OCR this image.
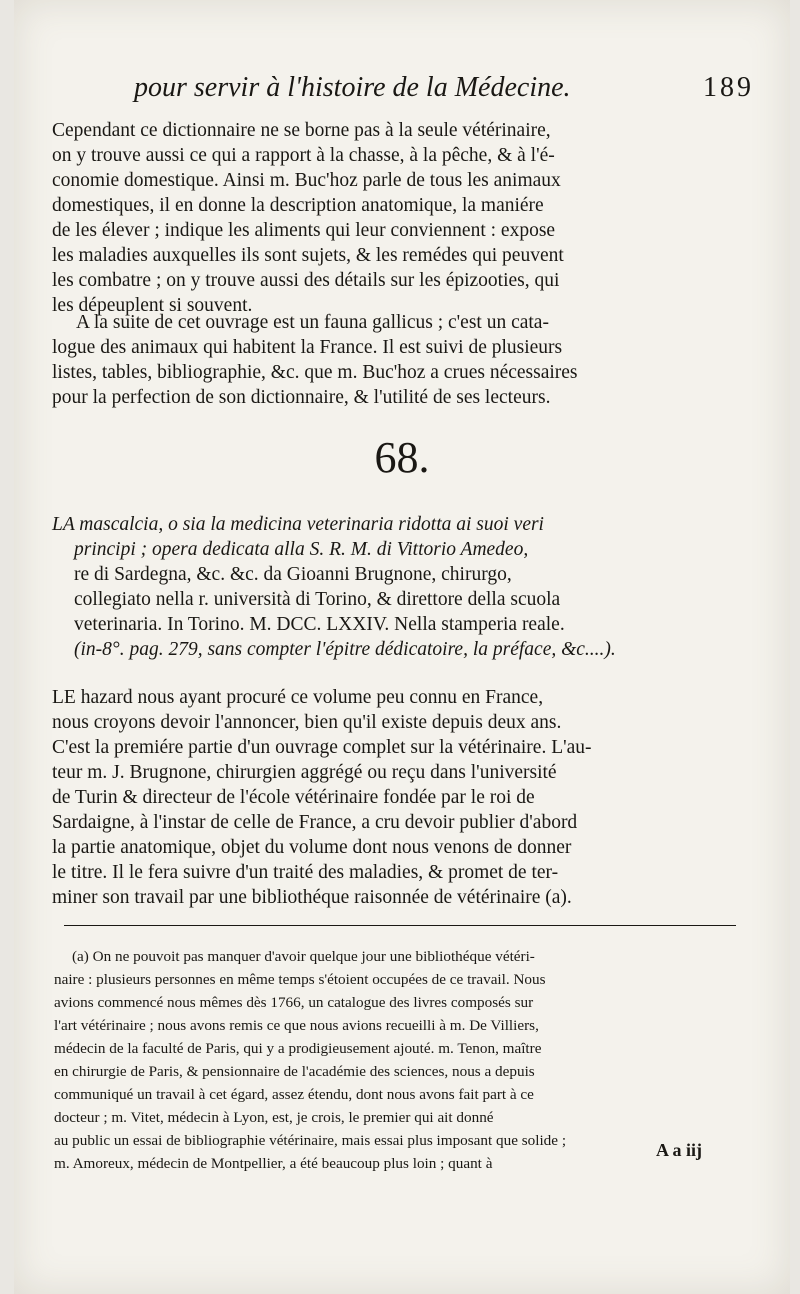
pour servir à l'histoire de la Médecine.	189
Cependant ce dictionnaire ne se borne pas à la seule vétérinaire,
on y trouve aussi ce qui a rapport à la chasse, à la pêche, & à l'é-
conomie domestique. Ainsi m. Buc'hoz parle de tous les animaux
domestiques, il en donne la description anatomique, la maniére
de les élever ; indique les aliments qui leur conviennent : expose
les maladies auxquelles ils sont sujets, & les remédes qui peuvent
les combatre ; on y trouve aussi des détails sur les épizooties, qui
les dépeuplent si souvent.
A la suite de cet ouvrage est un fauna gallicus ; c'est un cata-
logue des animaux qui habitent la France. Il est suivi de plusieurs
listes, tables, bibliographie, &c. que m. Buc'hoz a crues nécessaires
pour la perfection de son dictionnaire, & l'utilité de ses lecteurs.
68.
LA mascalcia, o sia la medicina veterinaria ridotta ai suoi veri
principi ; opera dedicata alla S. R. M. di Vittorio Amedeo,
re di Sardegna, &c. &c. da Gioanni Brugnone, chirurgo,
collegiato nella r. università di Torino, & direttore della scuola
veterinaria. In Torino. M. DCC. LXXIV. Nella stamperia reale.
(in-8°. pag. 279, sans compter l'épitre dédicatoire, la préface, &c....).
LE hazard nous ayant procuré ce volume peu connu en France,
nous croyons devoir l'annoncer, bien qu'il existe depuis deux ans.
C'est la premiére partie d'un ouvrage complet sur la vétérinaire. L'au-
teur m. J. Brugnone, chirurgien aggrégé ou reçu dans l'université
de Turin & directeur de l'école vétérinaire fondée par le roi de
Sardaigne, à l'instar de celle de France, a cru devoir publier d'abord
la partie anatomique, objet du volume dont nous venons de donner
le titre. Il le fera suivre d'un traité des maladies, & promet de ter-
miner son travail par une bibliothéque raisonnée de vétérinaire (a).
(a) On ne pouvoit pas manquer d'avoir quelque jour une bibliothéque vétéri-
naire : plusieurs personnes en même temps s'étoient occupées de ce travail. Nous
avions commencé nous mêmes dès 1766, un catalogue des livres composés sur
l'art vétérinaire ; nous avons remis ce que nous avions recueilli à m. De Villiers,
médecin de la faculté de Paris, qui y a prodigieusement ajouté. m. Tenon, maître
en chirurgie de Paris, & pensionnaire de l'académie des sciences, nous a depuis
communiqué un travail à cet égard, assez étendu, dont nous avons fait part à ce
docteur ; m. Vitet, médecin à Lyon, est, je crois, le premier qui ait donné
au public un essai de bibliographie vétérinaire, mais essai plus imposant que solide ;
m. Amoreux, médecin de Montpellier, a été beaucoup plus loin ; quant à
A a iij
